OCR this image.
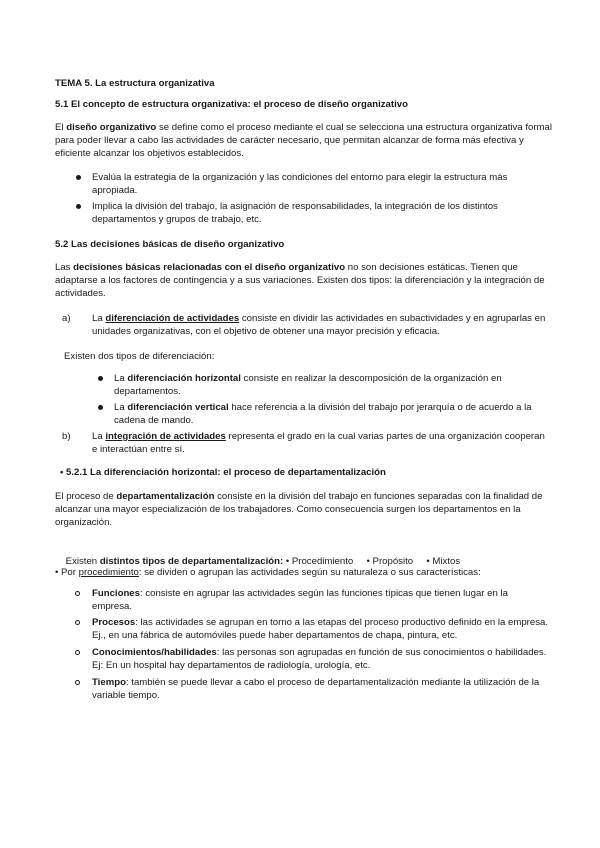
TEMA 5. La estructura organizativa
5.1 El concepto de estructura organizativa: el proceso de diseño organizativo
El diseño organizativo se define como el proceso mediante el cual se selecciona una estructura organizativa formal para poder llevar a cabo las actividades de carácter necesario, que permitan alcanzar de forma más efectiva y eficiente alcanzar los objetivos establecidos.
Evalúa la estrategia de la organización y las condiciones del entorno para elegir la estructura más apropiada.
Implica la división del trabajo, la asignación de responsabilidades, la integración de los distintos departamentos y grupos de trabajo, etc.
5.2 Las decisiones básicas de diseño organizativo
Las decisiones básicas relacionadas con el diseño organizativo no son decisiones estáticas. Tienen que adaptarse a los factores de contingencia y a sus variaciones. Existen dos tipos: la diferenciación y la integración de actividades.
a) La diferenciación de actividades consiste en dividir las actividades en subactividades y en agruparlas en unidades organizativas, con el objetivo de obtener una mayor precisión y eficacia.
Existen dos tipos de diferenciación:
La diferenciación horizontal consiste en realizar la descomposición de la organización en departamentos.
La diferenciación vertical hace referencia a la división del trabajo por jerarquía o de acuerdo a la cadena de mando.
b) La integración de actividades representa el grado en la cual varias partes de una organización cooperan e interactúan entre sí.
• 5.2.1 La diferenciación horizontal: el proceso de departamentalización
El proceso de departamentalización consiste en la división del trabajo en funciones separadas con la finalidad de alcanzar una mayor especialización de los trabajadores. Como consecuencia surgen los departamentos en la organización.

Existen distintos tipos de departamentalización: • Procedimiento     • Propósito     • Mixtos

• Por procedimiento: se dividen o agrupan las actividades según su naturaleza o sus características:
Funciones: consiste en agrupar las actividades según las funciones típicas que tienen lugar en la empresa.
Procesos: las actividades se agrupan en torno a las etapas del proceso productivo definido en la empresa. Ej., en una fábrica de automóviles puede haber departamentos de chapa, pintura, etc.
Conocimientos/habilidades: las personas son agrupadas en función de sus conocimientos o habilidades. Ej: En un hospital hay departamentos de radiología, urología, etc.
Tiempo: también se puede llevar a cabo el proceso de departamentalización mediante la utilización de la variable tiempo.
